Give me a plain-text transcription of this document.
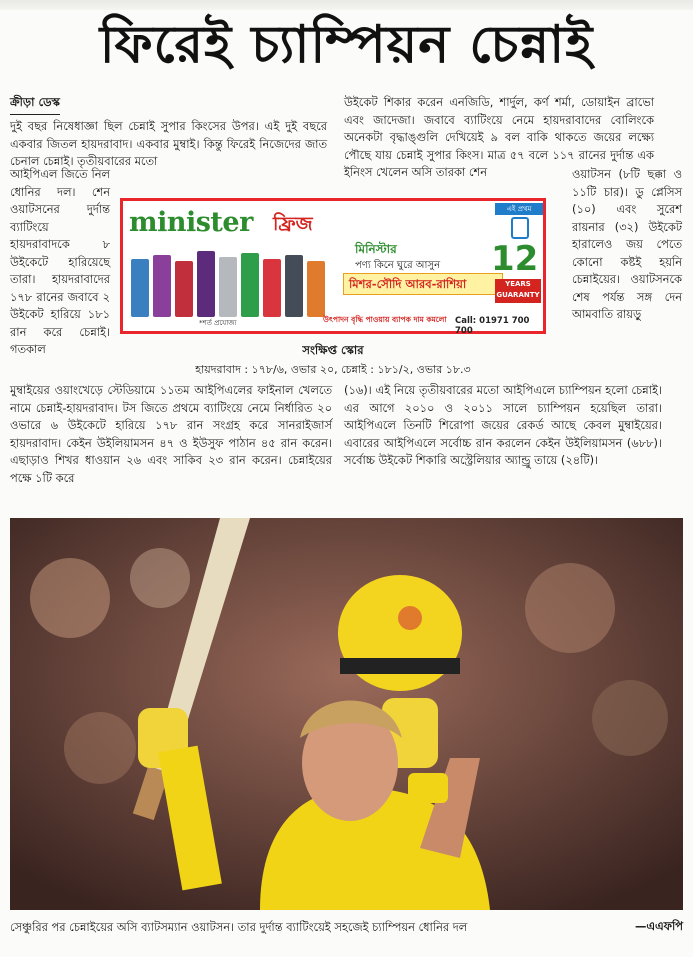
ফিরেই চ্যাম্পিয়ন চেন্নাই
ক্রীড়া ডেস্ক
দুই বছর নিষেধাজ্ঞা ছিল চেন্নাই সুপার কিংসের উপর। এই দুই বছরে একবার জিতল হায়দরাবাদ। একবার মুম্বাই। কিন্তু ফিরেই নিজেদের জাত চেনাল চেন্নাই। তৃতীয়বারের মতো
আইপিএল জিতে নিল ধোনির দল। শেন ওয়াটসনের দুর্দান্ত ব্যাটিংয়ে হায়দরাবাদকে ৮ উইকেটে হারিয়েছে তারা। হায়দরাবাদের ১৭৮ রানের জবাবে ২ উইকেট হারিয়ে ১৮১ রান করে চেন্নাই। গতকাল
উইকেট শিকার করেন এনজিডি, শার্দুল, কর্ণ শর্মা, ডোয়াইন ব্রাভো এবং জাদেজা। জবাবে ব্যাটিংয়ে নেমে হায়দরাবাদের বোলিংকে অনেকটা বৃদ্ধাঙ্গুলি দেখিয়েই ৯ বল বাকি থাকতে জয়ের লক্ষ্যে পৌছে যায় চেন্নাই সুপার কিংস। মাত্র ৫৭ বলে ১১৭ রানের দুর্দান্ত এক ইনিংস খেলেন অসি তারকা শেন	ওয়াটসন (৮টি ছক্কা ও ১১টি চার)। ডু প্লেসিস (১০) এবং সুরেশ রায়নার (৩২) উইকেট হারালেও জয় পেতে কোনো কষ্টই হয়নি চেন্নাইয়ের। ওয়াটসনকে শেষ পর্যন্ত সঙ্গ দেন আমবাতি রায়ড়ু
minister ফ্রিজ
*শর্ত প্রযোজ্য
এই প্রথম
মিনিস্টার
পণ্য কিনে ঘুরে আসুন
মিশর-সৌদি আরব-রাশিয়া
12
YEARS GUARANTY
উৎপাদন বৃদ্ধি পাওয়ায় ব্যাপক দাম কমলো Call: 01971 700 700
সংক্ষিপ্ত স্কোর
হায়দরাবাদ : ১৭৮/৬, ওভার ২০, চেন্নাই : ১৮১/২, ওভার ১৮.৩
মুম্বাইয়ের ওয়াংখেড়ে স্টেডিয়ামে ১১তম আইপিএলের ফাইনাল খেলতে নামে চেন্নাই-হায়দরাবাদ। টস জিতে প্রথমে ব্যাটিংয়ে নেমে নির্ধারিত ২০ ওভারে ৬ উইকেটে হারিয়ে ১৭৮ রান সংগ্রহ করে সানরাইজার্স হায়দরাবাদ। কেইন উইলিয়ামসন ৪৭ ও ইউসুফ পাঠান ৪৫ রান করেন। এছাড়াও শিখর ধাওয়ান ২৬ এবং সাকিব ২৩ রান করেন। চেন্নাইয়ের পক্ষে ১টি করে
(১৬)। এই নিয়ে তৃতীয়বারের মতো আইপিএলে চ্যাম্পিয়ন হলো চেন্নাই। এর আগে ২০১০ ও ২০১১ সালে চ্যাম্পিয়ন হয়েছিল তারা। আইপিএলে তিনটি শিরোপা জয়ের রেকর্ড আছে কেবল মুম্বাইয়ের। এবারের আইপিএলে সর্বোচ্চ রান করলেন কেইন উইলিয়ামসন (৬৮৮)। সর্বোচ্চ উইকেট শিকারি অস্ট্রেলিয়ার অ্যান্ড্রু তায়ে (২৪টি)।
সেঞ্চুরির পর চেন্নাইয়ের অসি ব্যাটসম্যান ওয়াটসন। তার দুর্দান্ত ব্যাটিংয়েই সহজেই চ্যাম্পিয়ন ধোনির দল	—এএফপি
